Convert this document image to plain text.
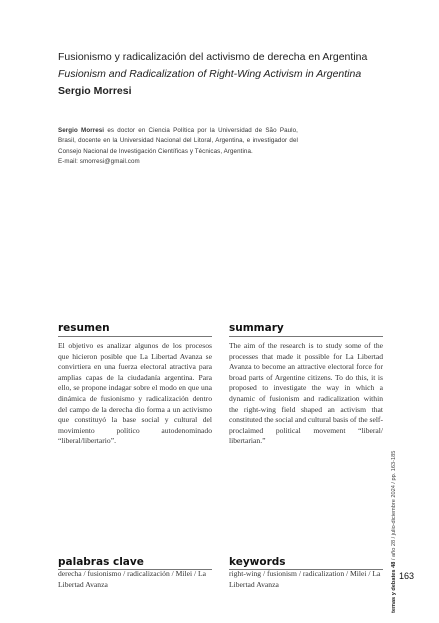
Fusionismo y radicalización del activismo de derecha en Argentina
Fusionism and Radicalization of Right-Wing Activism in Argentina
Sergio Morresi
Sergio Morresi es doctor en Ciencia Política por la Universidad de São Paulo, Brasil, docente en la Universidad Nacional del Litoral, Argentina, e investigador del Consejo Nacional de Investigación Científicas y Técnicas, Argentina.
E-mail: smorresi@gmail.com
resumen
El objetivo es analizar algunos de los procesos que hicieron posible que La Libertad Avanza se convirtiera en una fuerza electoral atractiva para amplias capas de la ciudadanía argentina. Para ello, se propone indagar sobre el modo en que una dinámica de fusionismo y radicalización dentro del campo de la derecha dio forma a un activismo que constituyó la base social y cultural del movimiento político autodenominado “liberal/libertario”.
summary
The aim of the research is to study some of the processes that made it possible for La Libertad Avanza to become an attractive electoral force for broad parts of Argentine citizens. To do this, it is proposed to investigate the way in which a dynamic of fusionism and radicalization within the right-wing field shaped an activism that constituted the social and cultural basis of the self-proclaimed political movement “liberal/ libertarian.”
palabras clave
derecha / fusionismo / radicalización / Milei / La Libertad Avanza
keywords
right-wing / fusionism / radicalization / Milei / La Libertad Avanza	temas y debates 48 / año 28 / julio-diciembre 2024 / pp. 163-185
163
